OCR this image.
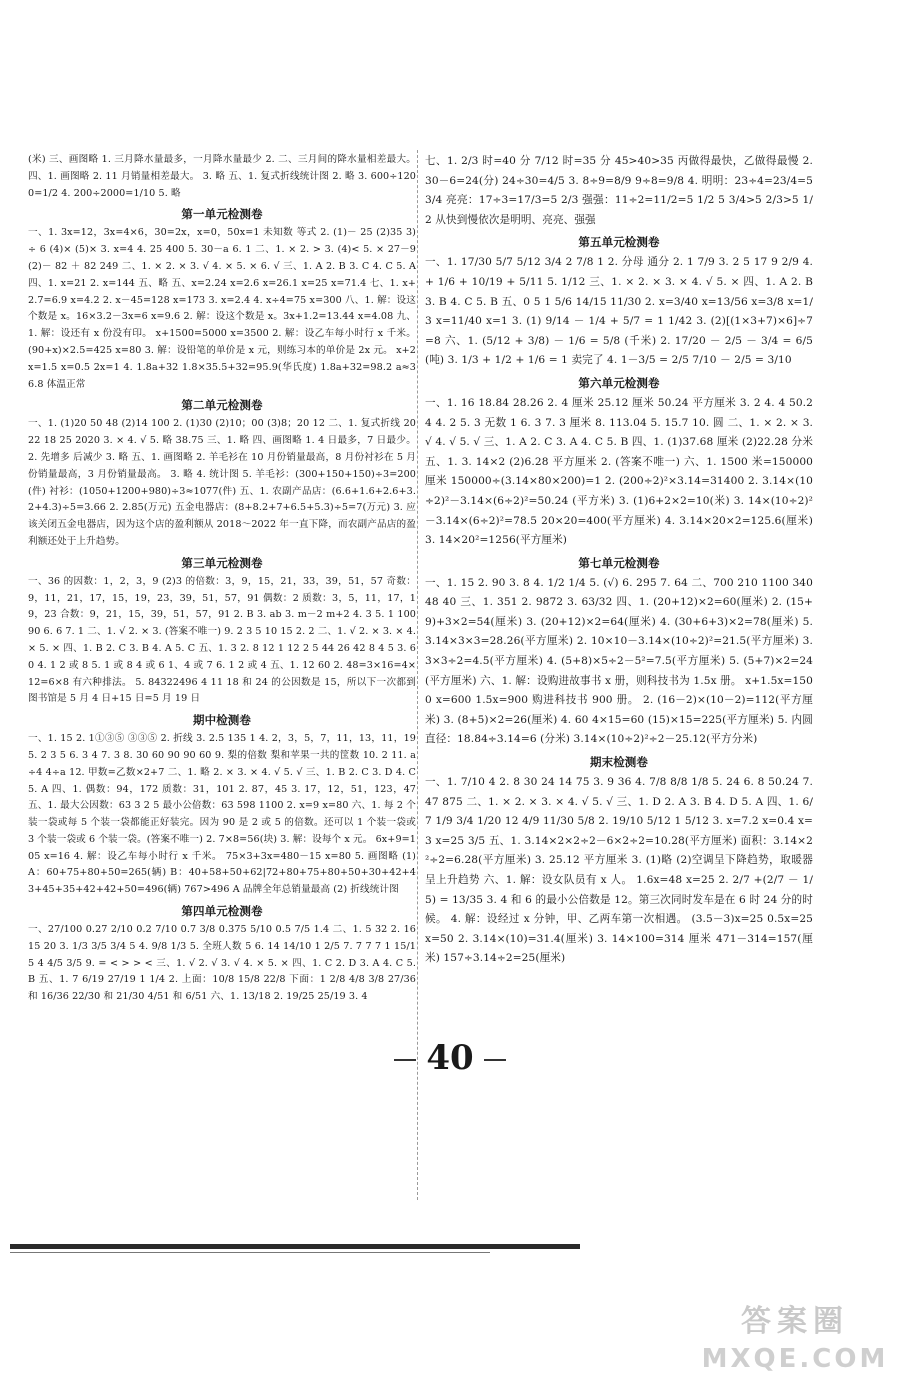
(米) 三、画图略 1. 三月降水量最多，一月降水量最少 2. 二、三月间的降水量相差最大。 四、1. 画图略 2. 11 月销量相差最大。 3. 略 五、1. 复式折线统计图 2. 略 3. 600÷1200=1/2 4. 200÷2000=1/10 5. 略
第一单元检测卷
一、1. 3x=12，3x=4×6，30=2x，x=0，50x=1 未知数 等式 2. (1)－ 25 (2)35 3)÷ 6 (4)× (5)× 3. x=4 4. 25 400 5. 30－a 6. 1 二、1. × 2. > 3. (4)< 5. × 27－9 (2)－ 82 ＋ 82 249 二、1. × 2. × 3. √ 4. × 5. × 6. √ 三、1. A 2. B 3. C 4. C 5. A 四、1. x=21 2. x=144 五、略 五、x=2.24 x=2.6 x=26.1 x=25 x=71.4 七、1. x+2.7=6.9 x=4.2 2. x－45=128 x=173 3. x=2.4 4. x÷4=75 x=300 八、1. 解：设这个数是 x。16×3.2－3x=6 x=9.6 2. 解：设这个数是 x。3x+1.2=13.44 x=4.08 九、1. 解：设还有 x 份没有印。 x+1500=5000 x=3500 2. 解：设乙车每小时行 x 千米。 (90+x)×2.5=425 x=80 3. 解：设铅笔的单价是 x 元，则练习本的单价是 2x 元。 x+2x=1.5 x=0.5 2x=1 4. 1.8a+32 1.8×35.5+32=95.9(华氏度) 1.8a+32=98.2 a≈36.8 体温正常
第二单元检测卷
一、1. (1)20 50 48 (2)14 100 2. (1)30 (2)10；00 (3)8；20 12 二、1. 复式折线 2022 18 25 2020 3. × 4. √ 5. 略 38.75 三、1. 略 四、画图略 1. 4 日最多，7 日最少。 2. 先增多 后减少 3. 略 五、1. 画图略 2. 羊毛衫在 10 月份销量最高，8 月份衬衫在 5 月份销量最高，3 月份销量最高。 3. 略 4. 统计图 5. 羊毛衫：(300+150+150)÷3=200(件) 衬衫：(1050+1200+980)÷3≈1077(件) 五、1. 农副产品店：(6.6+1.6+2.6+3.2+4.3)÷5=3.66 2. 2.85(万元) 五金电器店：(8+8.2+7+6.5+5.3)÷5=7(万元) 3. 应该关闭五金电器店，因为这个店的盈利额从 2018～2022 年一直下降，而农副产品店的盈利额还处于上升趋势。
第三单元检测卷
一、36 的因数：1，2，3，9 (2)3 的倍数：3，9，15，21，33，39，51，57 奇数：9，11，21，17，15，19，23，39，51，57，91 偶数：2 质数：3，5，11，17，19，23 合数：9，21，15，39，51，57，91 2. B 3. ab 3. m－2 m+2 4. 3 5. 1 100 90 6. 6 7. 1 二、1. √ 2. × 3. (答案不唯一) 9. 2 3 5 10 15 2. 2 二、1. √ 2. × 3. × 4. × 5. × 四、1. B 2. C 3. B 4. A 5. C 五、1. 3 2. 8 12 1 12 2 5 44 26 42 8 4 5 3. 60 4. 1 2 或 8 5. 1 或 8 4 或 6 1、4 或 7 6. 1 2 或 4 五、1. 12 60 2. 48=3×16=4×12=6×8 有六种排法。 5. 84322496 4 11 18 和 24 的公因数是 15，所以下一次都到图书馆是 5 月 4 日+15 日=5 月 19 日
期中检测卷
一、1. 15 2. 1①③⑤ ③③⑤ 2. 折线 3. 2.5 135 1 4. 2，3，5，7，11，13，11，19 5. 2 3 5 6. 3 4 7. 3 8. 30 60 90 90 60 9. 梨的倍数 梨和苹果一共的筐数 10. 2 11. a÷4 4÷a 12. 甲数=乙数×2+7 二、1. 略 2. × 3. × 4. √ 5. √ 三、1. B 2. C 3. D 4. C 5. A 四、1. 偶数：94，172 质数：31，101 2. 87，45 3. 17，12，51，123，47 五、1. 最大公因数：63 3 2 5 最小公倍数：63 598 1100 2. x=9 x=80 六、1. 每 2 个装一袋或每 5 个装一袋都能正好装完。因为 90 是 2 或 5 的倍数。还可以 1 个装一袋或 3 个装一袋或 6 个装一袋。(答案不唯一) 2. 7×8=56(块) 3. 解：设每个 x 元。 6x+9=105 x=16 4. 解：设乙车每小时行 x 千米。 75×3+3x=480－15 x=80 5. 画图略 (1)A：60+75+80+50=265(辆) B：40+58+50+62|72+80+75+80+50+30+42+43+45+35+42+42+50=496(辆) 767>496 A 品牌全年总销量最高 (2) 折线统计图
第四单元检测卷
一、27/100 0.27 2/10 0.2 7/10 0.7 3/8 0.375 5/10 0.5 7/5 1.4 二、1. 5 32 2. 16 15 20 3. 1/3 3/5 3/4 5 4. 9/8 1/3 5. 全班人数 5 6. 14 14/10 1 2/5 7. 7 7 7 1 15/15 4 4/5 3/5 9. = < > > < 三、1. √ 2. √ 3. √ 4. × 5. × 四、1. C 2. D 3. A 4. C 5. B 五、1. 7 6/19 27/19 1 1/4 2. 上面：10/8 15/8 22/8 下面：1 2/8 4/8 3/8 27/36 和 16/36 22/30 和 21/30 4/51 和 6/51 六、1. 13/18 2. 19/25 25/19 3. 4
七、1. 2/3 时=40 分 7/12 时=35 分 45>40>35 丙做得最快，乙做得最慢 2. 30－6=24(分) 24÷30=4/5 3. 8÷9=8/9 9÷8=9/8 4. 明明：23÷4=23/4=5 3/4 亮亮：17÷3=17/3=5 2/3 强强：11÷2=11/2=5 1/2 5 3/4>5 2/3>5 1/2 从快到慢依次是明明、亮亮、强强
第五单元检测卷
一、1. 17/30 5/7 5/12 3/4 2 7/8 1 2. 分母 通分 2. 1 7/9 3. 2 5 17 9 2/9 4. + 1/6 + 10/19 + 5/11 5. 1/12 三、1. × 2. × 3. × 4. √ 5. × 四、1. A 2. B 3. B 4. C 5. B 五、0 5 1 5/6 14/15 11/30 2. x=3/40 x=13/56 x=3/8 x=1/3 x=11/40 x=1 3. (1) 9/14 － 1/4 + 5/7 = 1 1/42 3. (2)[(1×3+7)×6]÷7=8 六、1. (5/12 + 3/8) － 1/6 = 5/8 (千米) 2. 17/20 － 2/5 － 3/4 = 6/5 (吨) 3. 1/3 + 1/2 + 1/6 = 1 卖完了 4. 1－3/5 = 2/5 7/10 － 2/5 = 3/10
第六单元检测卷
一、1. 16 18.84 28.26 2. 4 厘米 25.12 厘米 50.24 平方厘米 3. 2 4. 4 50.24 4. 2 5. 3 无数 1 6. 3 7. 3 厘米 8. 113.04 5. 15.7 10. 圆 二、1. × 2. × 3. √ 4. √ 5. √ 三、1. A 2. C 3. A 4. C 5. B 四、1. (1)37.68 厘米 (2)22.28 分米 五、1. 3. 14×2 (2)6.28 平方厘米 2. (答案不唯一) 六、1. 1500 米=150000 厘米 150000÷(3.14×80×200)=1 2. (200÷2)²×3.14=31400 2. 3.14×(10÷2)²－3.14×(6÷2)²=50.24 (平方米) 3. (1)6+2×2=10(米) 3. 14×(10÷2)²－3.14×(6÷2)²=78.5 20×20=400(平方厘米) 4. 3.14×20×2=125.6(厘米) 3. 14×20²=1256(平方厘米)
第七单元检测卷
一、1. 15 2. 90 3. 8 4. 1/2 1/4 5. (√) 6. 295 7. 64 二、700 210 1100 340 48 40 三、1. 351 2. 9872 3. 63/32 四、1. (20+12)×2=60(厘米) 2. (15+9)+3×2=54(厘米) 3. (20+12)×2=64(厘米) 4. (30+6+3)×2=78(厘米) 5. 3.14×3×3=28.26(平方厘米) 2. 10×10－3.14×(10÷2)²=21.5(平方厘米) 3. 3×3÷2=4.5(平方厘米) 4. (5+8)×5÷2－5²=7.5(平方厘米) 5. (5+7)×2=24(平方厘米) 六、1. 解：设购进故事书 x 册，则科技书为 1.5x 册。 x+1.5x=1500 x=600 1.5x=900 购进科技书 900 册。 2. (16－2)×(10－2)=112(平方厘米) 3. (8+5)×2=26(厘米) 4. 60 4×15=60 (15)×15=225(平方厘米) 5. 内圆直径：18.84÷3.14=6 (分米) 3.14×(10÷2)²÷2－25.12(平方分米)
期末检测卷
一、1. 7/10 4 2. 8 30 24 14 75 3. 9 36 4. 7/8 8/8 1/8 5. 24 6. 8 50.24 7. 47 875 二、1. × 2. × 3. × 4. √ 5. √ 三、1. D 2. A 3. B 4. D 5. A 四、1. 6/7 1/9 3/4 1/20 12 4/9 11/30 5/8 2. 19/10 5/12 1 5/12 3. x=7.2 x=0.4 x=3 x=25 3/5 五、1. 3.14×2×2÷2－6×2÷2=10.28(平方厘米) 面积：3.14×2²÷2=6.28(平方厘米) 3. 25.12 平方厘米 3. (1)略 (2)空调呈下降趋势，取暖器呈上升趋势 六、1. 解：设女队员有 x 人。 1.6x=48 x=25 2. 2/7 +(2/7 － 1/5) = 13/35 3. 4 和 6 的最小公倍数是 12。第三次同时发车是在 6 时 24 分的时候。 4. 解：设经过 x 分钟，甲、乙两车第一次相遇。 (3.5－3)x=25 0.5x=25 x=50 2. 3.14×(10)=31.4(厘米) 3. 14×100=314 厘米 471－314=157(厘米) 157÷3.14÷2=25(厘米)
40
答案圈
MXQE.COM
